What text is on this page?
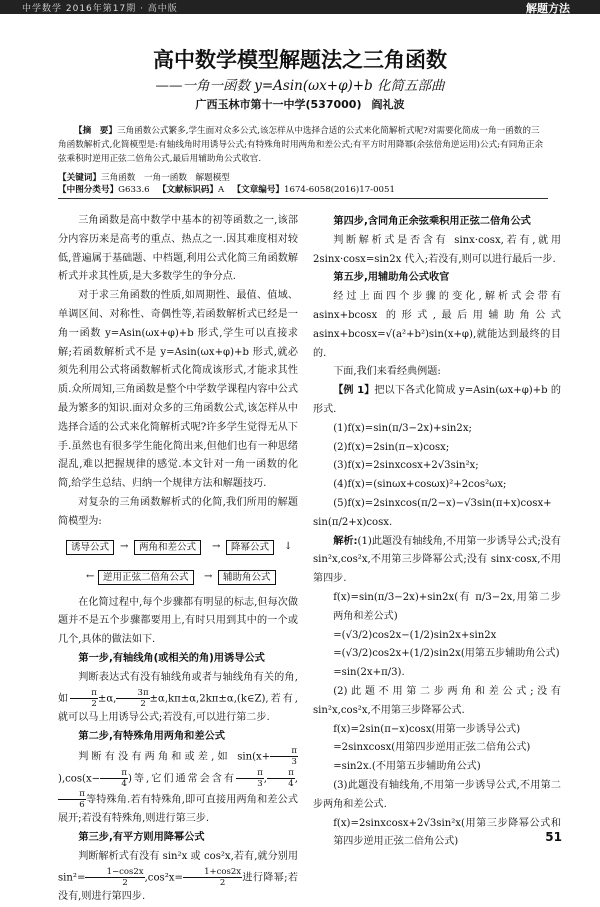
中学数学 2016年第17期 · 高中版	解题方法
高中数学模型解题法之三角函数
——一角一函数 y=Asin(ωx+φ)+b 化简五部曲
广西玉林市第十一中学(537000) 阎礼波
【摘　要】三角函数公式繁多,学生面对众多公式,该怎样从中选择合适的公式来化简解析式呢?对需要化简成一角一函数的三角函数解析式,化简模型是:有轴线角时用诱导公式;有特殊角时用两角和差公式;有平方时用降幂(余弦倍角逆运用)公式;有同角正余弦乘积时逆用正弦二倍角公式,最后用辅助角公式收官.
【关键词】三角函数　一角一函数　解题模型
【中图分类号】G633.6 【文献标识码】A 【文章编号】1674-6058(2016)17-0051

三角函数是高中数学中基本的初等函数之一,该部分内容历来是高考的重点、热点之一.因其难度相对较低,普遍属于基础题、中档题,利用公式化简三角函数解析式并求其性质,是大多数学生的争分点.

对于求三角函数的性质,如周期性、最值、值域、单调区间、对称性、奇偶性等,若函数解析式已经是一角一函数 y=Asin(ωx+φ)+b 形式,学生可以直接求解;若函数解析式不是 y=Asin(ωx+φ)+b 形式,就必须先利用公式将函数解析式化简成该形式,才能求其性质.众所周知,三角函数是整个中学数学课程内容中公式最为繁多的知识.面对众多的三角函数公式,该怎样从中选择合适的公式来化简解析式呢?许多学生觉得无从下手.虽然也有很多学生能化简出来,但他们也有一种思绪混乱,难以把握规律的感觉.本文针对一角一函数的化简,给学生总结、归纳一个规律方法和解题技巧.

对复杂的三角函数解析式的化简,我们所用的解题简模型为:

诱导公式	→	两角和差公式	→	降幂公式	↓
逆用正弦二倍角公式
←	→	辅助角公式

在化简过程中,每个步骤都有明显的标志,但每次做题并不是五个步骤都要用上,有时只用到其中的一个或几个,具体的做法如下.

第一步,有轴线角(或相关的角)用诱导公式

判断表达式有没有轴线角或者与轴线角有关的角,如 $\frac{\pi}{2} \pm\alpha$, $\frac{3\pi}{2}$ ±α,kπ±α,2kπ±α,(k∈Z),若有,就可以马上用诱导公式;若没有,可以进行第二步.

第二步,有特殊角用两角和差公式

判断有没有两角和或差,如 $\sin(x+ \frac{\pi}{3}$
)$,\cos(x- \frac{\pi}{4}$ )等,它们通常会含有 $\frac{\pi}{3}$ , $\frac{\pi}{4}$ ,
$\frac{\pi}{6}$ 等特殊角.若有特殊角,即可直接用两角和差公式展开;若没有特殊角,则进行第三步.

第三步,有平方则用降幂公式

判断解析式有没有 sin²x 或 cos²x,若有,就分别用$\sin^2= \frac{1-\cos 2x}{2} ,\cos^2x= \frac{1+\cos 2x}{2}$ 进行降幂;若没有,则进行第四步.

第四步,含同角正余弦乘积用正弦二倍角公式

判断解析式是否含有 sinx·cosx,若有,就用 2sinx·cosx=sin2x 代入;若没有,则可以进行最后一步.

第五步,用辅助角公式收官

经过上面四个步骤的变化,解析式会带有 asinx+bcosx 的形式,最后用辅助角公式 asinx+bcosx=√(a²+b²)sin(x+φ),就能达到最终的目的.

下面,我们来看经典例题:

【例 1】把以下各式化简成 y=Asin(ωx+φ)+b 的形式.

(1)f(x)=sin(π/3−2x)+sin2x;

(2)f(x)=2sin(π−x)cosx;

(3)f(x)=2sinxcosx+2√3sin²x;

(4)f(x)=(sinωx+cosωx)²+2cos²ωx;

(5)f(x)=2sinxcos(π/2−x)−√3sin(π+x)cosx+

sin(π/2+x)cosx.

解析:(1)此题没有轴线角,不用第一步诱导公式;没有 sin²x,cos²x,不用第三步降幂公式;没有 sinx·cosx,不用第四步.

f(x)=sin(π/3−2x)+sin2x(有 π/3−2x,用第二步两角和差公式)

=(√3/2)cos2x−(1/2)sin2x+sin2x

=(√3/2)cos2x+(1/2)sin2x(用第五步辅助角公式)

=sin(2x+π/3).

(2)此题不用第二步两角和差公式;没有 sin²x,cos²x,不用第三步降幂公式.

f(x)=2sin(π−x)cosx(用第一步诱导公式)

=2sinxcosx(用第四步逆用正弦二倍角公式)

=sin2x.(不用第五步辅助角公式)

(3)此题没有轴线角,不用第一步诱导公式,不用第二步两角和差公式.

f(x)=2sinxcosx+2√3sin²x(用第三步降幂公式和第四步逆用正弦二倍角公式)	51
